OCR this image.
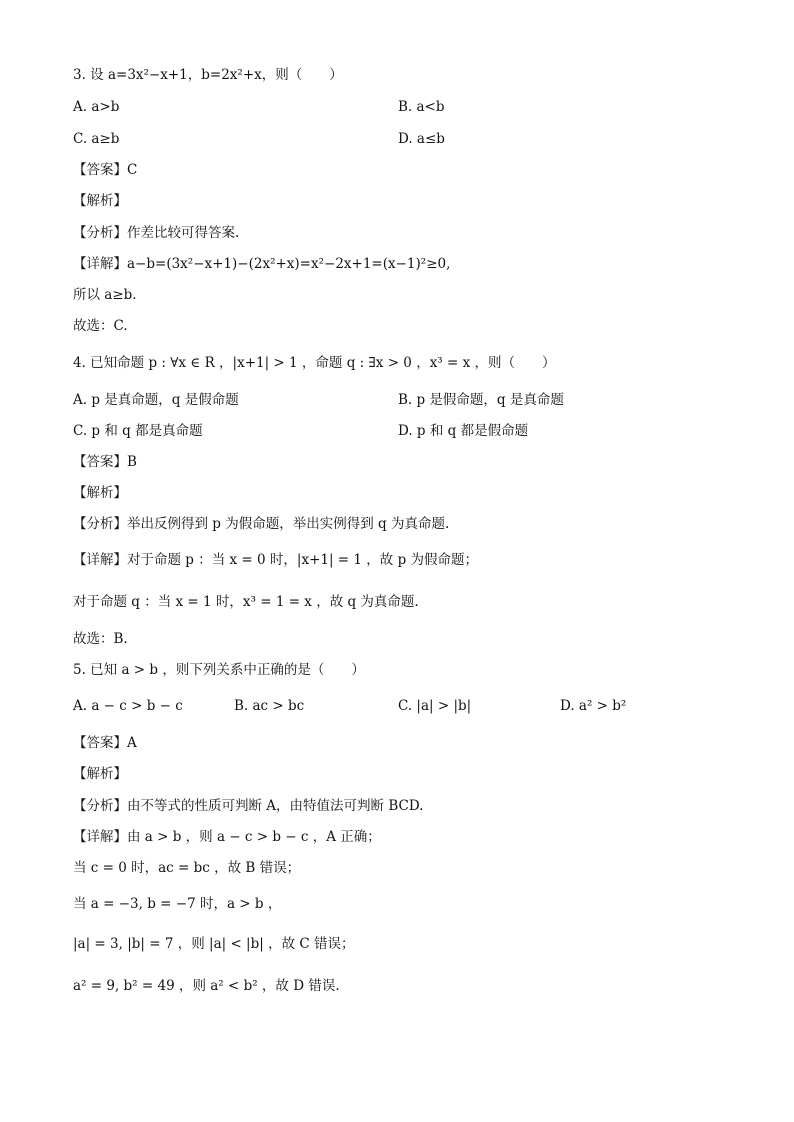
3. 设 a=3x²−x+1，b=2x²+x，则（　　）
A. a>b	B. a<b
C. a≥b	D. a≤b
【答案】C
【解析】
【分析】作差比较可得答案.
【详解】a−b=(3x²−x+1)−(2x²+x)=x²−2x+1=(x−1)²≥0,
所以 a≥b.
故选：C.
4. 已知命题 p : ∀x ∈ R ，|x+1| > 1 ，命题 q : ∃x > 0 ，x³ = x ，则（　　）
A. p 是真命题，q 是假命题	B. p 是假命题，q 是真命题
C. p 和 q 都是真命题	D. p 和 q 都是假命题
【答案】B
【解析】
【分析】举出反例得到 p 为假命题，举出实例得到 q 为真命题.
【详解】对于命题 p ：当 x = 0 时，|x+1| = 1 ，故 p 为假命题；
对于命题 q ：当 x = 1 时，x³ = 1 = x ，故 q 为真命题.
故选：B.
5. 已知 a > b ，则下列关系中正确的是（　　）
A. a − c > b − c	B. ac > bc	C. |a| > |b|	D. a² > b²
【答案】A
【解析】
【分析】由不等式的性质可判断 A，由特值法可判断 BCD.
【详解】由 a > b ，则 a − c > b − c ，A 正确；
当 c = 0 时，ac = bc ，故 B 错误；
当 a = −3, b = −7 时，a > b ，
|a| = 3, |b| = 7 ，则 |a| < |b| ，故 C 错误；
a² = 9, b² = 49 ，则 a² < b² ，故 D 错误.
